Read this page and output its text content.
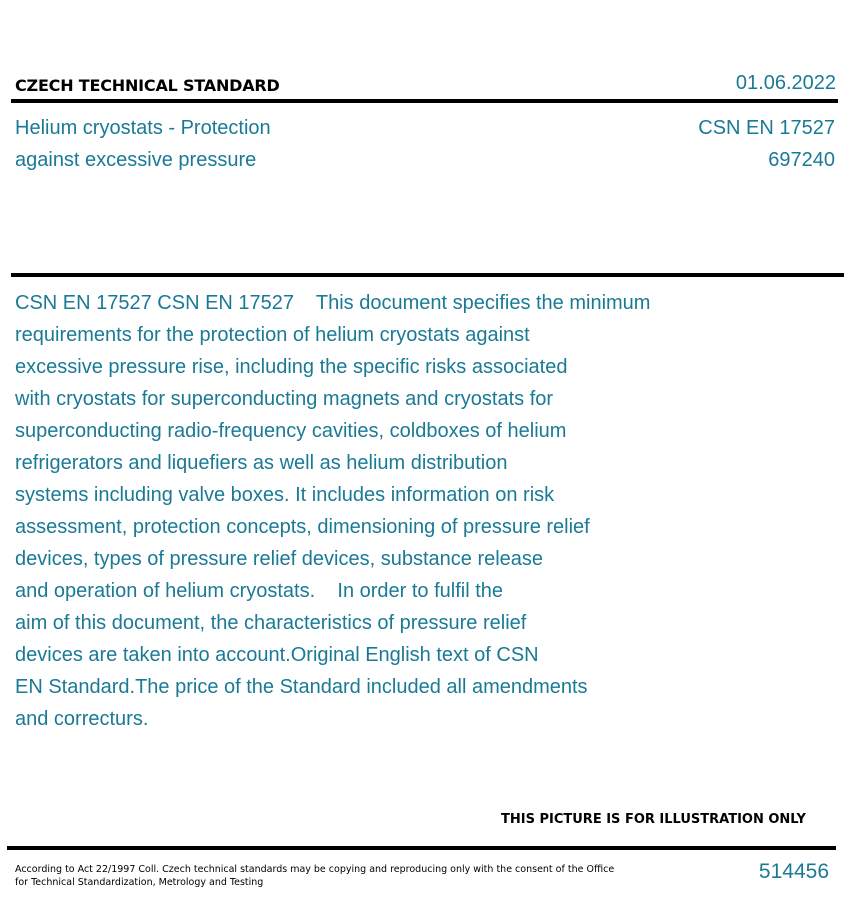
CZECH TECHNICAL STANDARD	01.06.2022
Helium cryostats - Protection
against excessive pressure
CSN EN 17527
697240
CSN EN 17527 CSN EN 17527    This document specifies the minimum
requirements for the protection of helium cryostats against
excessive pressure rise, including the specific risks associated
with cryostats for superconducting magnets and cryostats for
superconducting radio-frequency cavities, coldboxes of helium
refrigerators and liquefiers as well as helium distribution
systems including valve boxes. It includes information on risk
assessment, protection concepts, dimensioning of pressure relief
devices, types of pressure relief devices, substance release
and operation of helium cryostats.    In order to fulfil the
aim of this document, the characteristics of pressure relief
devices are taken into account.Original English text of CSN
EN Standard.The price of the Standard included all amendments
and correcturs.
THIS PICTURE IS FOR ILLUSTRATION ONLY
According to Act 22/1997 Coll. Czech technical standards may be copying and reproducing only with the consent of the Office
for Technical Standardization, Metrology and Testing	514456
